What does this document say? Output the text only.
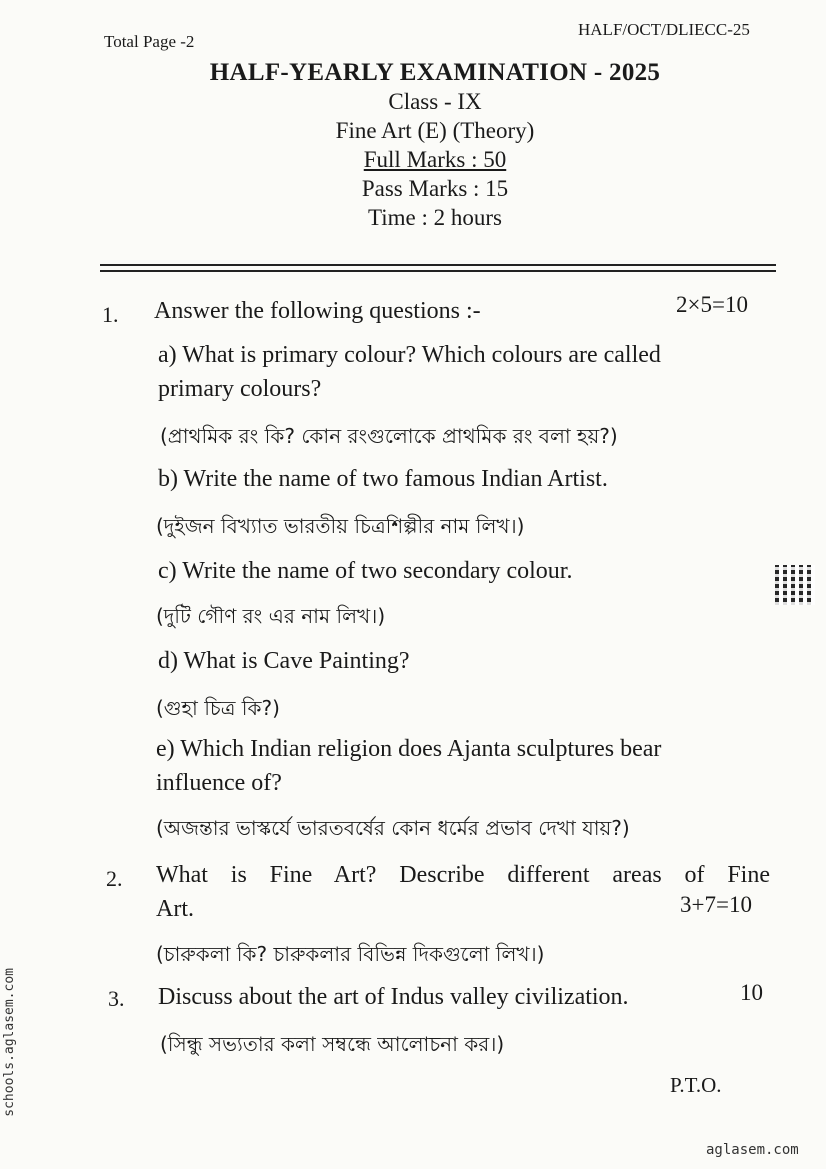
Total Page -2
HALF/OCT/DLIECC-25
HALF-YEARLY EXAMINATION - 2025
Class - IX
Fine Art (E) (Theory)
Full Marks : 50
Pass Marks : 15
Time : 2 hours
1. Answer the following questions :-	2×5=10
a) What is primary colour? Which colours are called
primary colours?
(প্রাথমিক রং কি? কোন রংগুলোকে প্রাথমিক রং বলা হয়?)
b) Write the name of two famous Indian Artist.
(দুইজন বিখ্যাত ভারতীয় চিত্রশিল্পীর নাম লিখ।)
c) Write the name of two secondary colour.
(দুটি গৌণ রং এর নাম লিখ।)
d) What is Cave Painting?
(গুহা চিত্র কি?)
e) Which Indian religion does Ajanta sculptures bear
influence of?
(অজন্তার ভাস্কর্যে ভারতবর্ষের কোন ধর্মের প্রভাব দেখা যায়?)
2. What is Fine Art? Describe different areas of Fine
Art.	3+7=10
(চারুকলা কি? চারুকলার বিভিন্ন দিকগুলো লিখ।)
3. Discuss about the art of Indus valley civilization.	10
(সিন্ধু সভ্যতার কলা সম্বন্ধে আলোচনা কর।)
P.T.O.
schools.aglasem.com
aglasem.com
